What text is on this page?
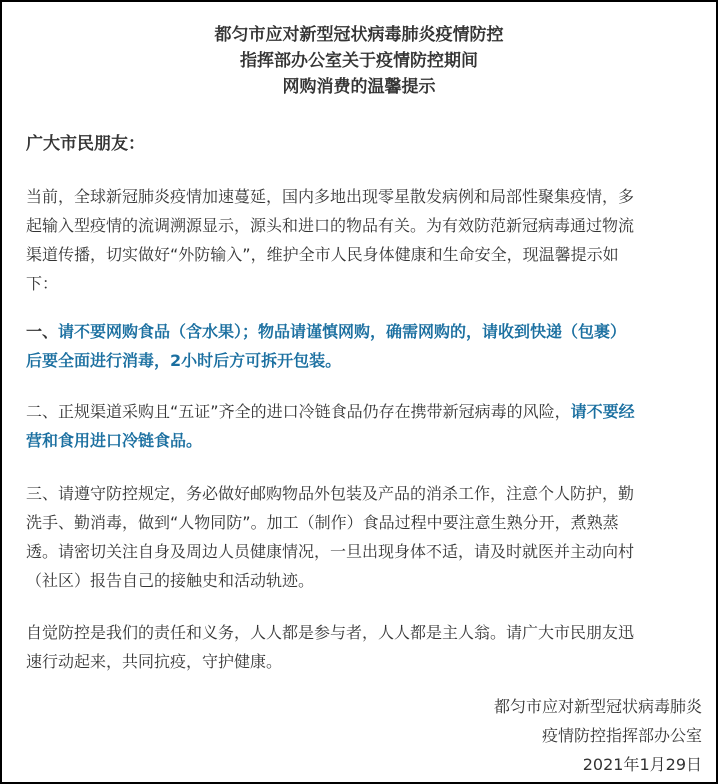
都匀市应对新型冠状病毒肺炎疫情防控
指挥部办公室关于疫情防控期间
网购消费的温馨提示
广大市民朋友：
当前，全球新冠肺炎疫情加速蔓延，国内多地出现零星散发病例和局部性聚集疫情，多
起输入型疫情的流调溯源显示，源头和进口的物品有关。为有效防范新冠病毒通过物流
渠道传播，切实做好“外防输入”，维护全市人民身体健康和生命安全，现温馨提示如
下：
一、请不要网购食品（含水果）；物品请谨慎网购，确需网购的，请收到快递（包裹）
后要全面进行消毒，2小时后方可拆开包装。
二、正规渠道采购且“五证”齐全的进口冷链食品仍存在携带新冠病毒的风险，请不要经
营和食用进口冷链食品。
三、请遵守防控规定，务必做好邮购物品外包装及产品的消杀工作，注意个人防护，勤
洗手、勤消毒，做到“人物同防”。加工（制作）食品过程中要注意生熟分开，煮熟蒸
透。请密切关注自身及周边人员健康情况，一旦出现身体不适，请及时就医并主动向村
（社区）报告自己的接触史和活动轨迹。
自觉防控是我们的责任和义务，人人都是参与者，人人都是主人翁。请广大市民朋友迅
速行动起来，共同抗疫，守护健康。
都匀市应对新型冠状病毒肺炎
疫情防控指挥部办公室
2021年1月29日
